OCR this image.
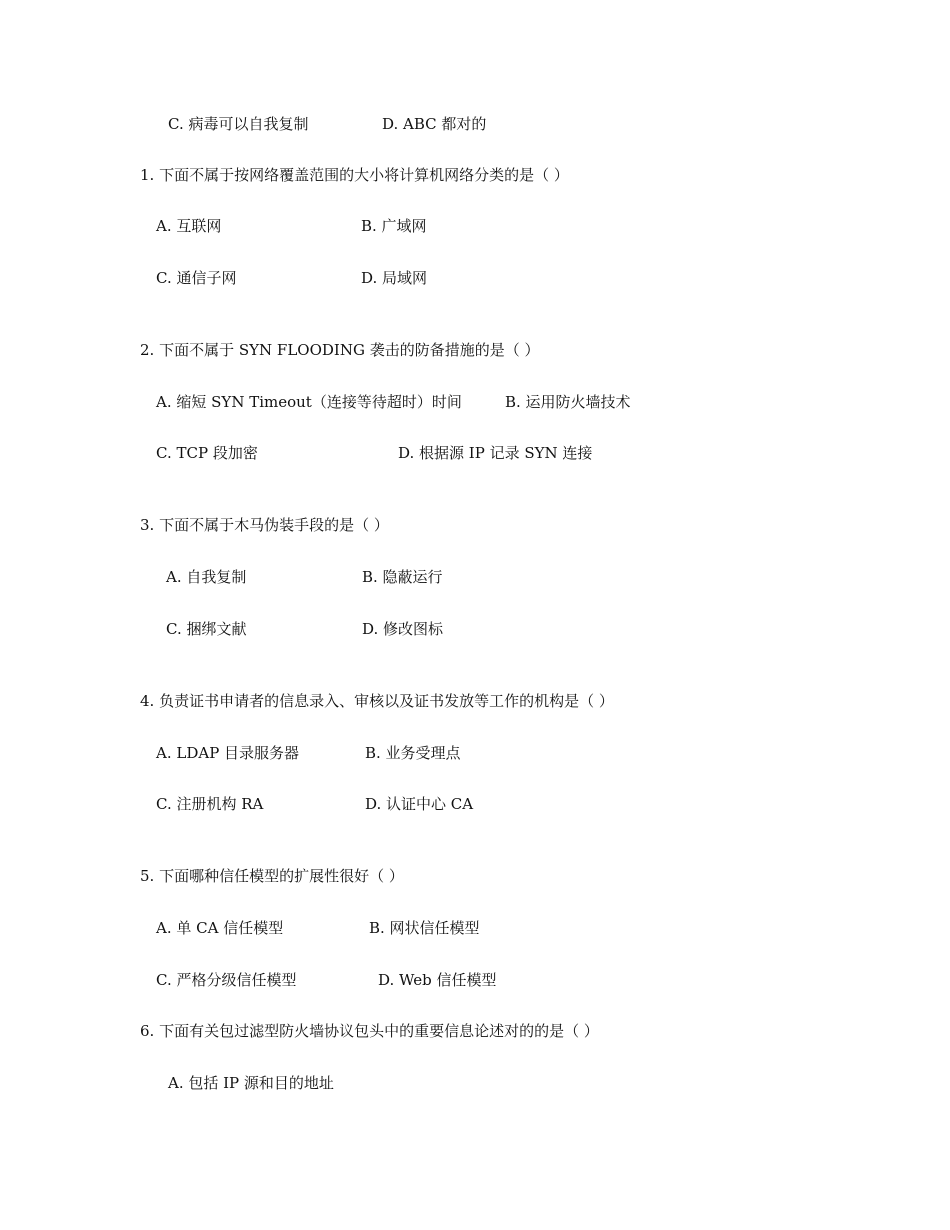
C. 病毒可以自我复制	D. ABC 都对的
1. 下面不属于按网络覆盖范围的大小将计算机网络分类的是（ ）
A. 互联网	B. 广域网
C. 通信子网	D. 局域网
2. 下面不属于 SYN FLOODING 袭击的防备措施的是（ ）
A. 缩短 SYN Timeout（连接等待超时）时间	B. 运用防火墙技术
C. TCP 段加密	D. 根据源 IP 记录 SYN 连接
3. 下面不属于木马伪装手段的是（ ）
A. 自我复制	B. 隐蔽运行
C. 捆绑文献	D. 修改图标
4. 负责证书申请者的信息录入、审核以及证书发放等工作的机构是（ ）
A. LDAP 目录服务器	B. 业务受理点
C. 注册机构 RA	D. 认证中心 CA
5. 下面哪种信任模型的扩展性很好（ ）
A. 单 CA 信任模型	B. 网状信任模型
C. 严格分级信任模型	D. Web 信任模型
6. 下面有关包过滤型防火墙协议包头中的重要信息论述对的的是（ ）
A. 包括 IP 源和目的地址
